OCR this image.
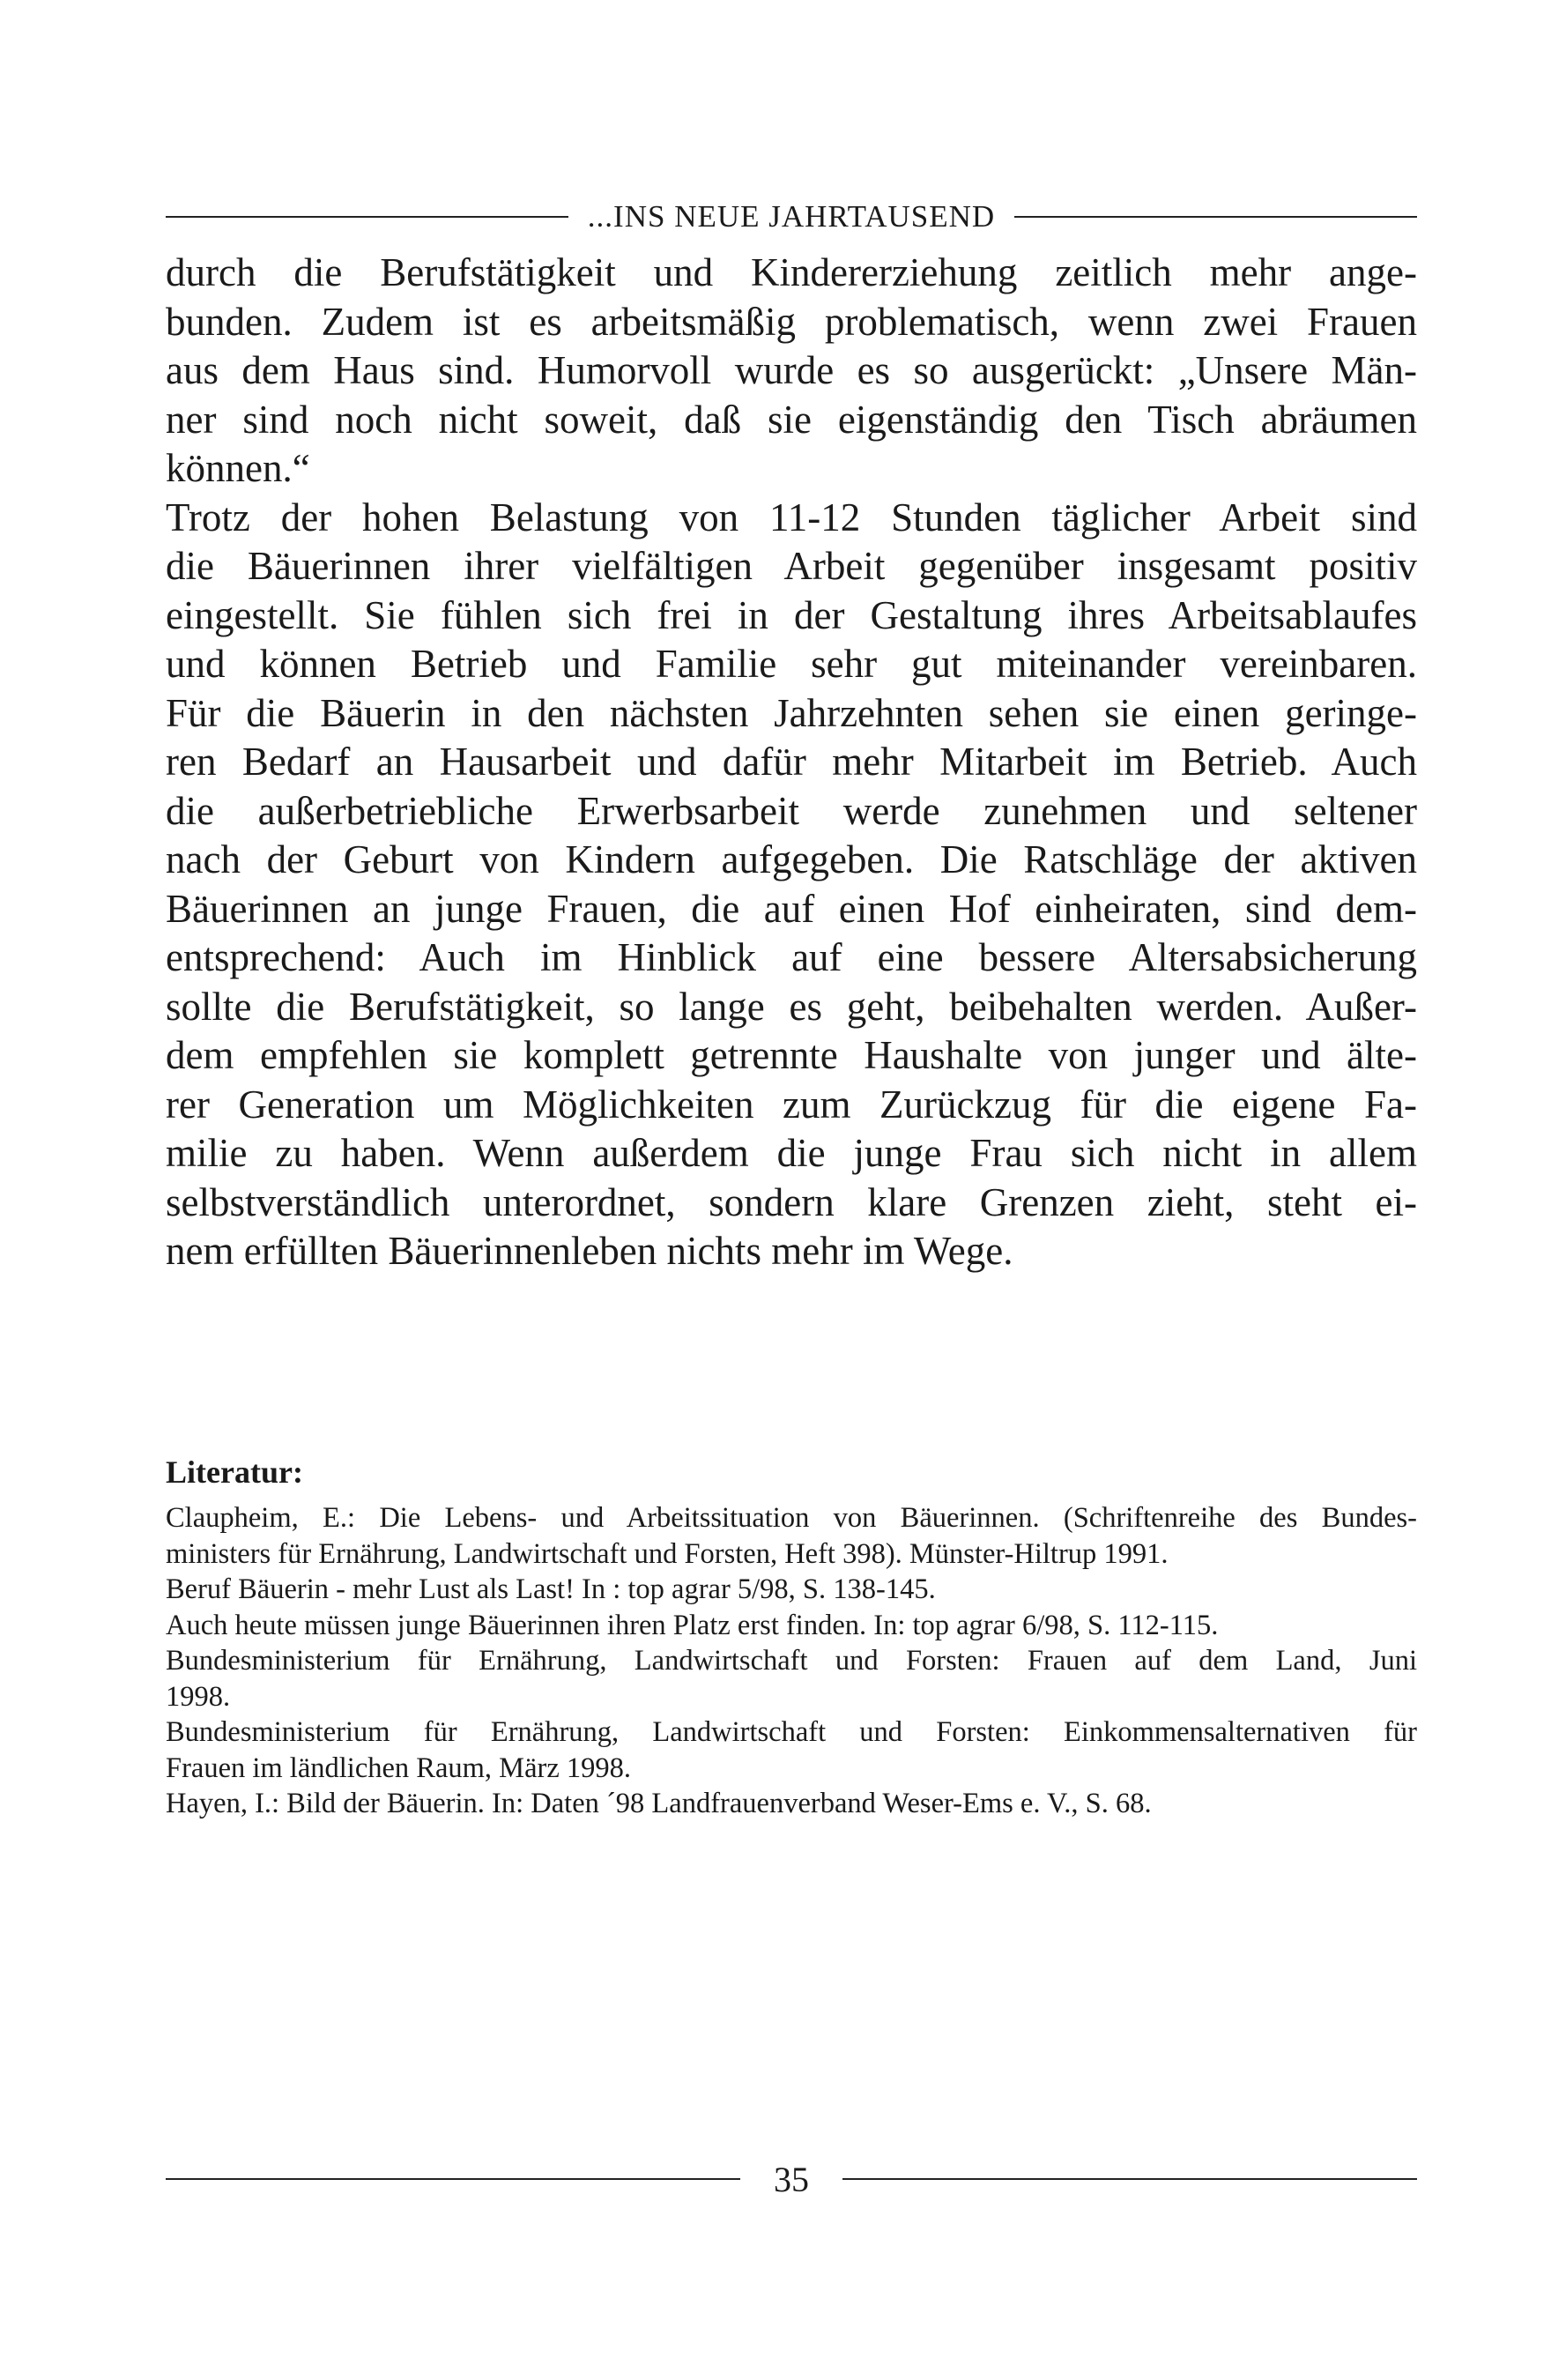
...INS NEUE JAHRTAUSEND
durch die Berufstätigkeit und Kindererziehung zeitlich mehr ange-
bunden. Zudem ist es arbeitsmäßig problematisch, wenn zwei Frauen
aus dem Haus sind. Humorvoll wurde es so ausgerückt: „Unsere Män-
ner sind noch nicht soweit, daß sie eigenständig den Tisch abräumen
können.“
Trotz der hohen Belastung von 11-12 Stunden täglicher Arbeit sind
die Bäuerinnen ihrer vielfältigen Arbeit gegenüber insgesamt positiv
eingestellt. Sie fühlen sich frei in der Gestaltung ihres Arbeitsablaufes
und können Betrieb und Familie sehr gut miteinander vereinbaren.
Für die Bäuerin in den nächsten Jahrzehnten sehen sie einen geringe-
ren Bedarf an Hausarbeit und dafür mehr Mitarbeit im Betrieb. Auch
die außerbetriebliche Erwerbsarbeit werde zunehmen und seltener
nach der Geburt von Kindern aufgegeben. Die Ratschläge der aktiven
Bäuerinnen an junge Frauen, die auf einen Hof einheiraten, sind dem-
entsprechend: Auch im Hinblick auf eine bessere Altersabsicherung
sollte die Berufstätigkeit, so lange es geht, beibehalten werden. Außer-
dem empfehlen sie komplett getrennte Haushalte von junger und älte-
rer Generation um Möglichkeiten zum Zurückzug für die eigene Fa-
milie zu haben. Wenn außerdem die junge Frau sich nicht in allem
selbstverständlich unterordnet, sondern klare Grenzen zieht, steht ei-
nem erfüllten Bäuerinnenleben nichts mehr im Wege.
Literatur:
Claupheim, E.: Die Lebens- und Arbeitssituation von Bäuerinnen. (Schriftenreihe des Bundes-
ministers für Ernährung, Landwirtschaft und Forsten, Heft 398). Münster-Hiltrup 1991.
Beruf Bäuerin - mehr Lust als Last! In : top agrar 5/98, S. 138-145.
Auch heute müssen junge Bäuerinnen ihren Platz erst finden. In: top agrar 6/98, S. 112-115.
Bundesministerium für Ernährung, Landwirtschaft und Forsten: Frauen auf dem Land, Juni
1998.
Bundesministerium für Ernährung, Landwirtschaft und Forsten: Einkommensalternativen für
Frauen im ländlichen Raum, März 1998.
Hayen, I.: Bild der Bäuerin. In: Daten ´98 Landfrauenverband Weser-Ems e. V., S. 68.
35
